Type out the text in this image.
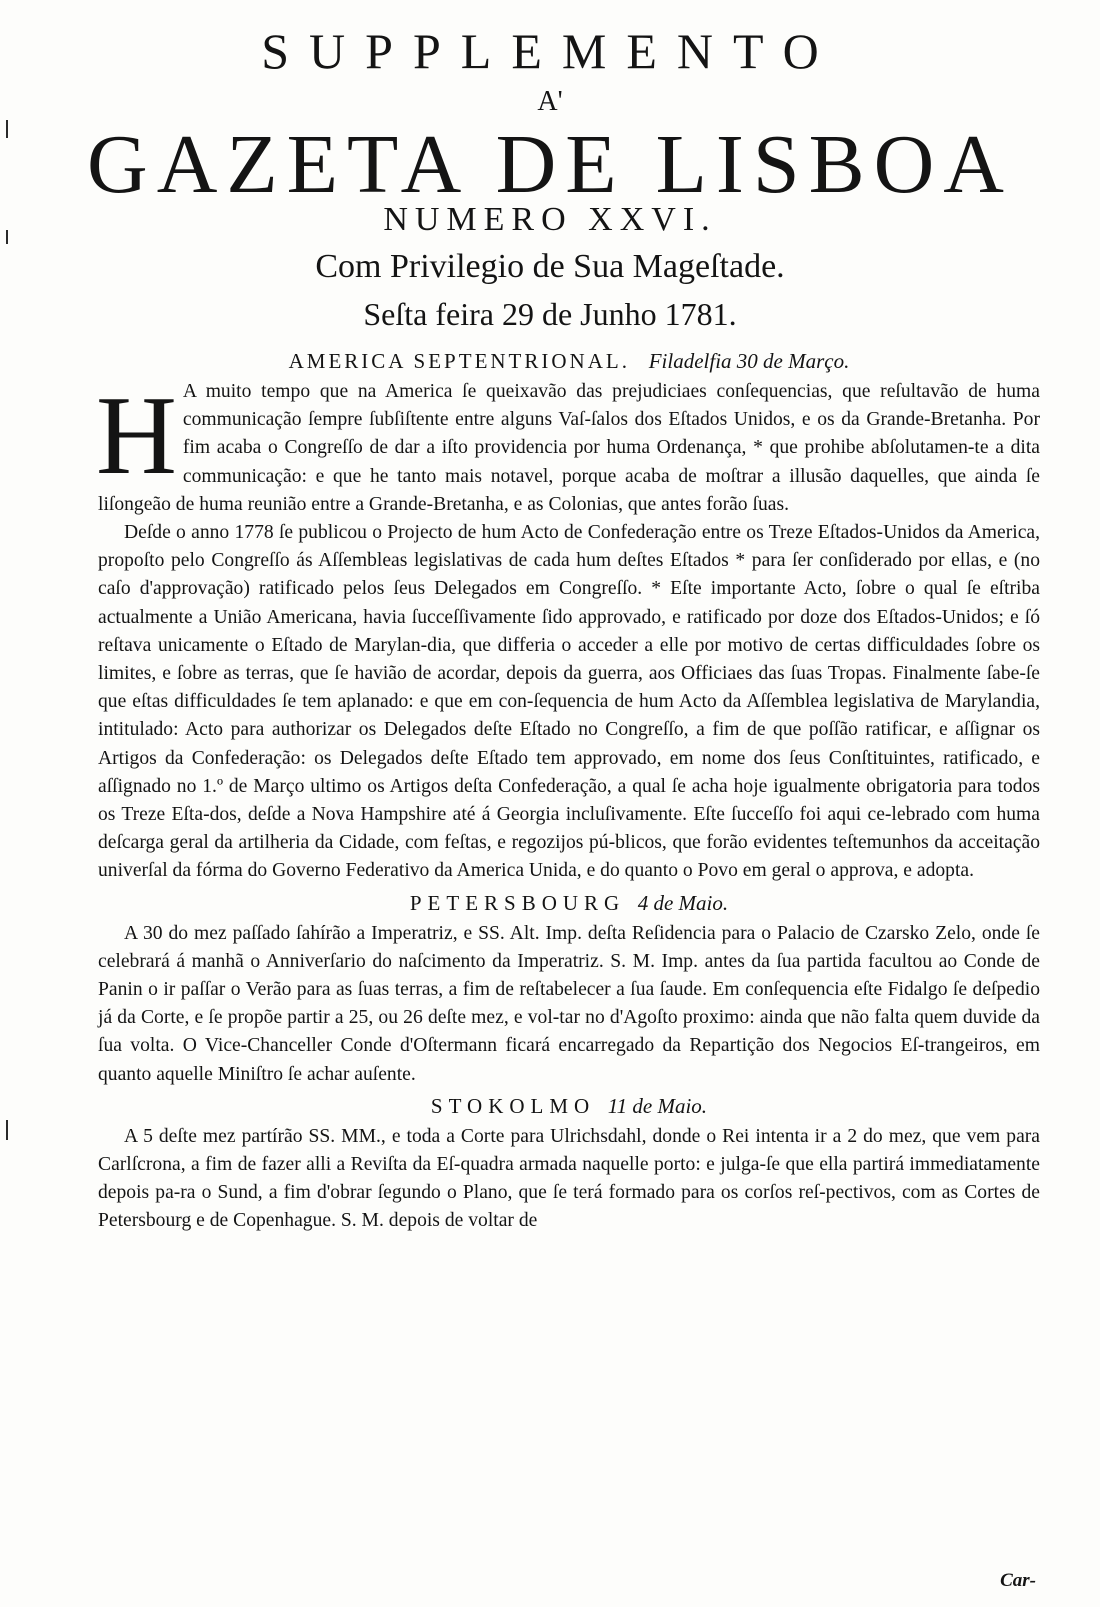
SUPPLEMENTO
A'
GAZETA DE LISBOA
NUMERO XXVI.
Com Privilegio de Sua Mageſtade.
Seſta feira 29 de Junho 1781.
AMERICA SEPTENTRIONAL. Filadelfia 30 de Março.

H A muito tempo que na America ſe queixavão das prejudiciaes conſequencias, que reſultavão de huma communicação ſempre ſubſiſtente entre alguns Vaſ-ſalos dos Eſtados Unidos, e os da Grande-Bretanha. Por fim acaba o Congreſſo de dar a iſto providencia por huma Ordenança, * que prohibe abſolutamen-te a dita communicação: e que he tanto mais notavel, porque acaba de moſtrar a illusão daquelles, que ainda ſe liſongeão de huma reunião entre a Grande-Bretanha, e as Colonias, que antes forão ſuas.

Deſde o anno 1778 ſe publicou o Projecto de hum Acto de Confederação entre os Treze Eſtados-Unidos da America, propoſto pelo Congreſſo ás Aſſembleas legislativas de cada hum deſtes Eſtados * para ſer conſiderado por ellas, e (no caſo d'approvação) ratificado pelos ſeus Delegados em Congreſſo. * Eſte importante Acto, ſobre o qual ſe eſtriba actualmente a União Americana, havia ſucceſſivamente ſido approvado, e ratificado por doze dos Eſtados-Unidos; e ſó reſtava unicamente o Eſtado de Marylan-dia, que differia o acceder a elle por motivo de certas difficuldades ſobre os limites, e ſobre as terras, que ſe havião de acordar, depois da guerra, aos Officiaes das ſuas Tropas. Finalmente ſabe-ſe que eſtas difficuldades ſe tem aplanado: e que em con-ſequencia de hum Acto da Aſſemblea legislativa de Marylandia, intitulado: Acto para authorizar os Delegados deſte Eſtado no Congreſſo, a fim de que poſſão ratificar, e aſſignar os Artigos da Confederação: os Delegados deſte Eſtado tem approvado, em nome dos ſeus Conſtituintes, ratificado, e aſſignado no 1.º de Março ultimo os Artigos deſta Confederação, a qual ſe acha hoje igualmente obrigatoria para todos os Treze Eſta-dos, deſde a Nova Hampshire até á Georgia incluſivamente. Eſte ſucceſſo foi aqui ce-lebrado com huma deſcarga geral da artilheria da Cidade, com feſtas, e regozijos pú-blicos, que forão evidentes teſtemunhos da acceitação univerſal da fórma do Governo Federativo da America Unida, e do quanto o Povo em geral o approva, e adopta.

PETERSBOURG 4 de Maio.

A 30 do mez paſſado ſahírão a Imperatriz, e SS. Alt. Imp. deſta Reſidencia para o Palacio de Czarsko Zelo, onde ſe celebrará á manhã o Anniverſario do naſcimento da Imperatriz. S. M. Imp. antes da ſua partida facultou ao Conde de Panin o ir paſſar o Verão para as ſuas terras, a fim de reſtabelecer a ſua ſaude. Em conſequencia eſte Fidalgo ſe deſpedio já da Corte, e ſe propõe partir a 25, ou 26 deſte mez, e vol-tar no d'Agoſto proximo: ainda que não falta quem duvide da ſua volta. O Vice-Chanceller Conde d'Oſtermann ficará encarregado da Repartição dos Negocios Eſ-trangeiros, em quanto aquelle Miniſtro ſe achar auſente.

STOKOLMO 11 de Maio.

A 5 deſte mez partírão SS. MM., e toda a Corte para Ulrichsdahl, donde o Rei intenta ir a 2 do mez, que vem para Carlſcrona, a fim de fazer alli a Reviſta da Eſ-quadra armada naquelle porto: e julga-ſe que ella partirá immediatamente depois pa-ra o Sund, a fim d'obrar ſegundo o Plano, que ſe terá formado para os corſos reſ-pectivos, com as Cortes de Petersbourg e de Copenhague. S. M. depois de voltar de

Car-
